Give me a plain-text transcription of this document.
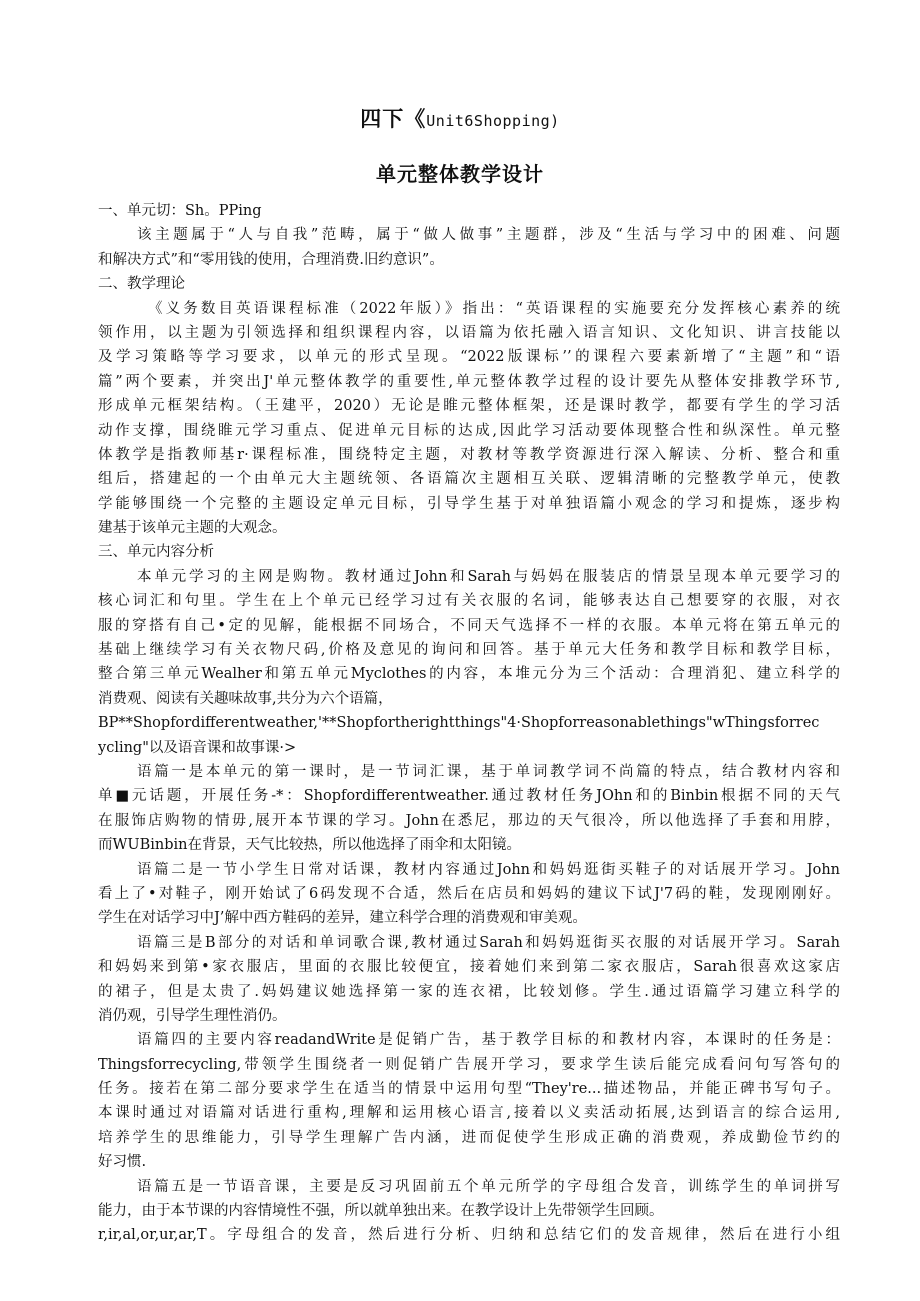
四下《Unit6Shopping)
单元整体教学设计
一、单元切：Sh。PPing
该主题属于“人与自我”范畴，属于“做人做事”主题群，涉及“生活与学习中的困难、问题
和解决方式”和“零用钱的使用，合理消费.旧约意识”。
二、教学理论
《义务数目英语课程标准（2022年版）》指出：“英语课程的实施要充分发挥核心素养的统
领作用，以主题为引领选择和组织课程内容，以语篇为依托融入语言知识、文化知识、讲言技能以
及学习策略等学习要求，以单元的形式呈现。“2022版课标’’的课程六要素新增了“主题”和“语
篇”两个要素，并突出J'单元整体教学的重要性,单元整体教学过程的设计要先从整体安排教学环节,
形成单元框架结构。（王建平，2020）无论是睢元整体框架，还是课时教学，都要有学生的学习活
动作支撑，围绕睢元学习重点、促进单元目标的达成,因此学习活动要体现整合性和纵深性。单元整
体教学是指教师基r·课程标准，围绕特定主题，对教材等教学资源进行深入解读、分析、整合和重
组后，搭建起的一个由单元大主题统领、各语篇次主题相互关联、逻辑清晰的完整教学单元，使教
学能够围绕一个完整的主题设定单元目标，引导学生基于对单独语篇小观念的学习和提炼，逐步构
建基于该单元主题的大观念。
三、单元内容分析
本单元学习的主网是购物。教材通过John和Sarah与妈妈在服装店的情景呈现本单元要学习的
核心词汇和句里。学生在上个单元已经学习过有关衣服的名词，能够表达自己想要穿的衣服，对衣
服的穿搭有自己•定的见解，能根据不同场合，不同天气选择不一样的衣服。本单元将在第五单元的
基础上继续学习有关衣物尺码,价格及意见的询问和回答。基于单元大任务和教学目标和教学目标，
整合第三单元Wealher和第五单元Myclothes的内容，本堆元分为三个活动：合理消犯、建立科学的
消费观、阅读有关趣味故事,共分为六个语篇，
BP**Shopfordifferentweather,'**Shopfortherightthings"4·Shopforreasonablethings"wThingsforrec
ycling"以及语音课和故事课·>
语篇一是本单元的第一课时，是一节词汇课，基于单词教学词不尚篇的特点，结合教材内容和
单■元话题，开展任务-*：Shopfordifferentweather.通过教材任务JOhn和的Binbin根据不同的天气
在服饰店购物的情毋,展开本节课的学习。John在悉尼，那边的天气很冷，所以他选择了手套和用脖，
而WUBinbin在背景，天气比较热，所以他选择了雨伞和太阳镜。
语篇二是一节小学生日常对话课，教材内容通过John和妈妈逛街买鞋子的对话展开学习。John
看上了•对鞋子，刚开始试了6码发现不合适，然后在店员和妈妈的建议下试J'7码的鞋，发现刚刚好。
学生在对话学习中J’解中西方鞋码的差异，建立科学合理的消费观和审美观。
语篇三是B部分的对话和单词歌合课,教材通过Sarah和妈妈逛街买衣服的对话展开学习。Sarah
和妈妈来到第•家衣服店，里面的衣服比较便宜，接着她们来到第二家衣服店，Sarah很喜欢这家店
的裙子，但是太贵了.妈妈建议她选择第一家的连衣裙，比较划修。学生.通过语篇学习建立科学的
消仍观，引导学生理性消仍。
语篇四的主要内容readandWrite是促销广告，基于教学目标的和教材内容，本课时的任务是：
Thingsforrecycling,带领学生围绕者一则促销广告展开学习，要求学生读后能完成看问句写答句的
任务。接若在第二部分要求学生在适当的情景中运用句型“They're...描述物品，并能正碑书写句子。
本课时通过对语篇对话进行重构,理解和运用核心语言,接着以义卖活动拓展,达到语言的综合运用,
培养学生的思维能力，引导学生理解广告内涵，进而促使学生形成正确的消费观，养成勤俭节约的
好习惯.
语篇五是一节语音课，主要是反习巩固前五个单元所学的字母组合发音，训练学生的单词拼写
能力，由于本节课的内容情境性不强，所以就单独出来。在教学设计上先带领学生回顾。
r,ir,al,or,ur,ar,T。字母组合的发音，然后进行分析、归纳和总结它们的发音规律，然后在进行小组
